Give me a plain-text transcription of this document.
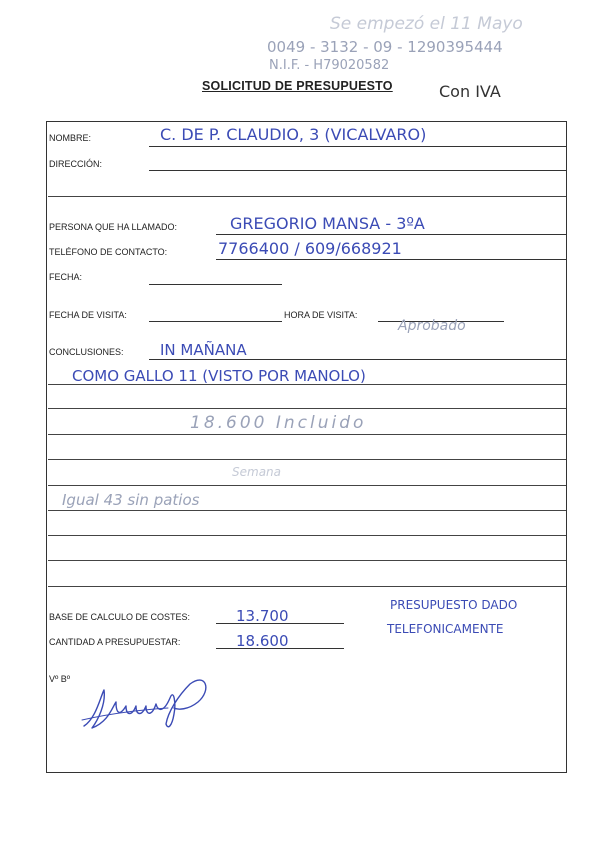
Se empezó el 11 Mayo
0049 - 3132 - 09 - 1290395444
N.I.F. - H79020582
SOLICITUD DE PRESUPUESTO	Con IVA
NOMBRE:	C. DE P. CLAUDIO, 3 (VICALVARO)
DIRECCIÓN:
PERSONA QUE HA LLAMADO:	GREGORIO MANSA - 3ºA
TELÉFONO DE CONTACTO:	7766400 / 609/668921
FECHA:
FECHA DE VISITA:	HORA DE VISITA:
Aprobado
CONCLUSIONES: IN MAÑANA
COMO GALLO 11 (VISTO POR MANOLO)
18.600 Incluido
Semana
Igual 43 sin patios
BASE DE CALCULO DE COSTES:	13.700
CANTIDAD A PRESUPUESTAR:	18.600
PRESUPUESTO DADO
TELEFONICAMENTE
Vº Bº
